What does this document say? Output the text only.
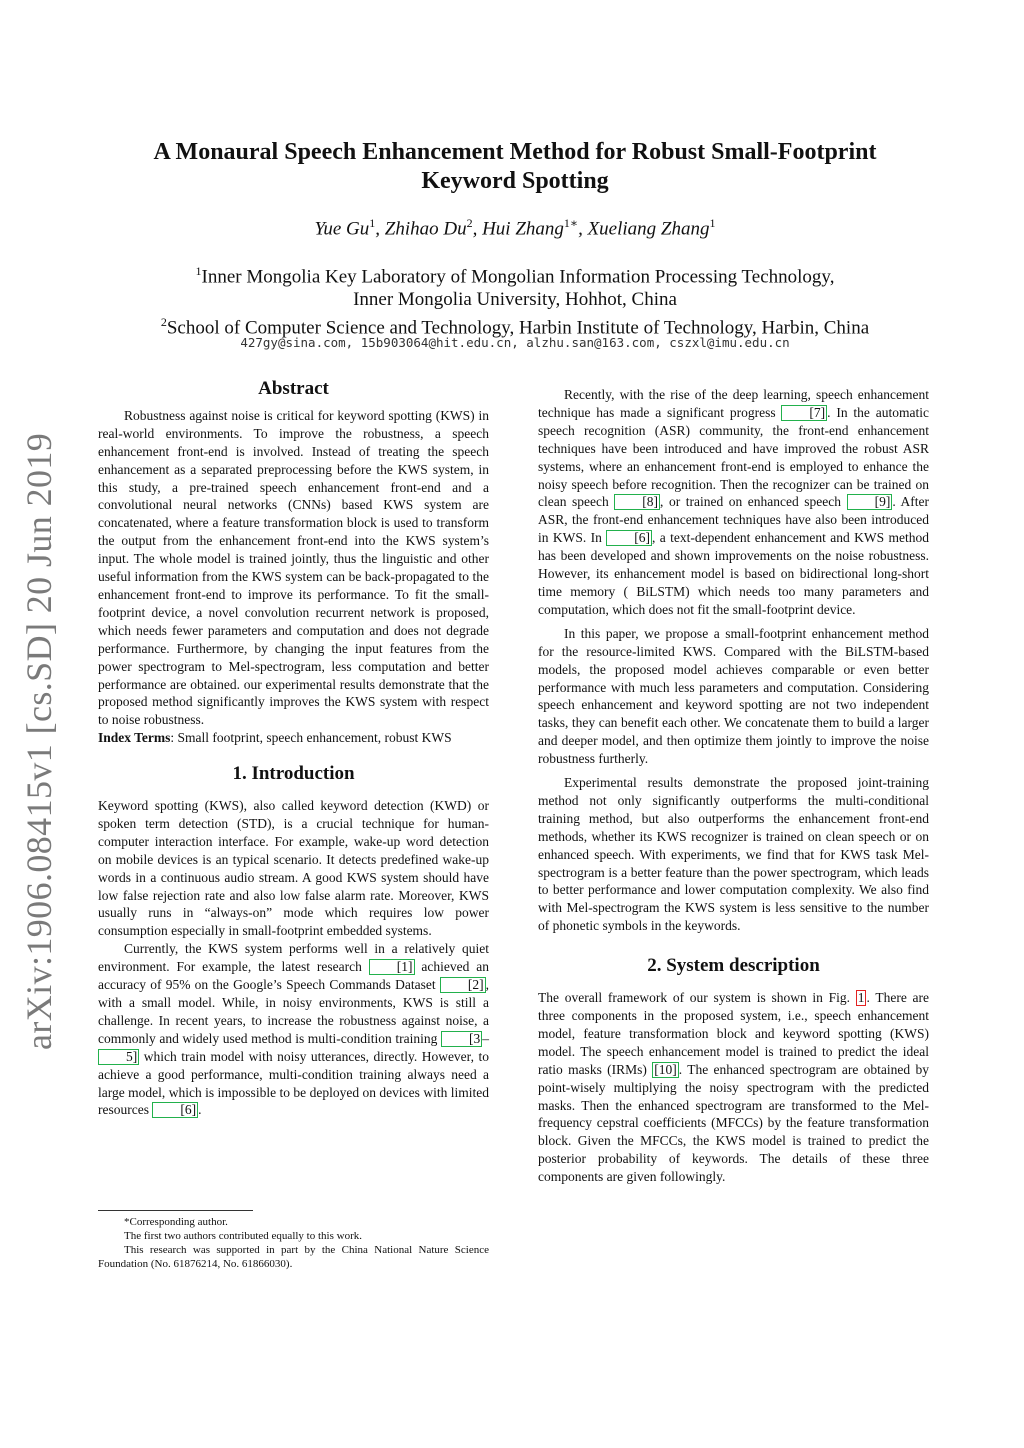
arXiv:1906.08415v1 [cs.SD] 20 Jun 2019
A Monaural Speech Enhancement Method for Robust Small-Footprint
Keyword Spotting
Yue Gu$^1$, Zhihao Du$^2$, Hui Zhang$^{1∗}$, Xueliang Zhang$^1$
$^1$Inner Mongolia Key Laboratory of Mongolian Information Processing Technology,
Inner Mongolia University, Hohhot, China
$^2$School of Computer Science and Technology, Harbin Institute of Technology, Harbin, China
427gy@sina.com, 15b903064@hit.edu.cn, alzhu.san@163.com, cszxl@imu.edu.cn
Abstract

Robustness against noise is critical for keyword spotting (KWS) in real-world environments. To improve the robustness, a speech enhancement front-end is involved. Instead of treating the speech enhancement as a separated preprocessing before the KWS system, in this study, a pre-trained speech enhancement front-end and a convolutional neural networks (CNNs) based KWS system are concatenated, where a feature transformation block is used to transform the output from the enhancement front-end into the KWS system’s input. The whole model is trained jointly, thus the linguistic and other useful information from the KWS system can be back-propagated to the enhancement front-end to improve its performance. To fit the small-footprint device, a novel convolution recurrent network is proposed, which needs fewer parameters and computation and does not degrade performance. Furthermore, by changing the input features from the power spectrogram to Mel-spectrogram, less computation and better performance are obtained. our experimental results demonstrate that the proposed method significantly improves the KWS system with respect to noise robustness.

Index Terms: Small footprint, speech enhancement, robust KWS

1. Introduction

Keyword spotting (KWS), also called keyword detection (KWD) or spoken term detection (STD), is a crucial technique for human-computer interaction interface. For example, wake-up word detection on mobile devices is an typical scenario. It detects predefined wake-up words in a continuous audio stream. A good KWS system should have low false rejection rate and also low false alarm rate. Moreover, KWS usually runs in “always-on” mode which requires low power consumption especially in small-footprint embedded systems.

Currently, the KWS system performs well in a relatively quiet environment. For example, the latest research [1] achieved an accuracy of 95% on the Google’s Speech Commands Dataset [2] , with a small model. While, in noisy environments, KWS is still a challenge. In recent years, to increase the robustness against noise, a commonly and widely used method is multi-condition training [3 –5] which train model with noisy utterances, directly. However, to achieve a good performance, multi-condition training always need a large model, which is impossible to be deployed on devices with limited resources [6] .

Recently, with the rise of the deep learning, speech enhancement technique has made a significant progress [7] . In the automatic speech recognition (ASR) community, the front-end enhancement techniques have been introduced and have improved the robust ASR systems, where an enhancement front-end is employed to enhance the noisy speech before recognition. Then the recognizer can be trained on clean speech [8] , or trained on enhanced speech [9] . After ASR, the front-end enhancement techniques have also been introduced in KWS. In [6] , a text-dependent enhancement and KWS method has been developed and shown improvements on the noise robustness. However, its enhancement model is based on bidirectional long-short time memory ( BiLSTM) which needs too many parameters and computation, which does not fit the small-footprint device.

In this paper, we propose a small-footprint enhancement method for the resource-limited KWS. Compared with the BiLSTM-based models, the proposed model achieves comparable or even better performance with much less parameters and computation. Considering speech enhancement and keyword spotting are not two independent tasks, they can benefit each other. We concatenate them to build a larger and deeper model, and then optimize them jointly to improve the noise robustness furtherly.

Experimental results demonstrate the proposed joint-training method not only significantly outperforms the multi-conditional training method, but also outperforms the enhancement front-end methods, whether its KWS recognizer is trained on clean speech or on enhanced speech. With experiments, we find that for KWS task Mel-spectrogram is a better feature than the power spectrogram, which leads to better performance and lower computation complexity. We also find with Mel-spectrogram the KWS system is less sensitive to the number of phonetic symbols in the keywords.

2. System description

The overall framework of our system is shown in Fig. 1 . There are three components in the proposed system, i.e., speech enhancement model, feature transformation block and keyword spotting (KWS) model. The speech enhancement model is trained to predict the ideal ratio masks (IRMs) [10] . The enhanced spectrogram are obtained by point-wisely multiplying the noisy spectrogram with the predicted masks. Then the enhanced spectrogram are transformed to the Mel-frequency cepstral coefficients (MFCCs) by the feature transformation block. Given the MFCCs, the KWS model is trained to predict the posterior probability of keywords. The details of these three components are given followingly.

*Corresponding author.

The first two authors contributed equally to this work.

This research was supported in part by the China National Nature Science Foundation (No. 61876214, No. 61866030).
